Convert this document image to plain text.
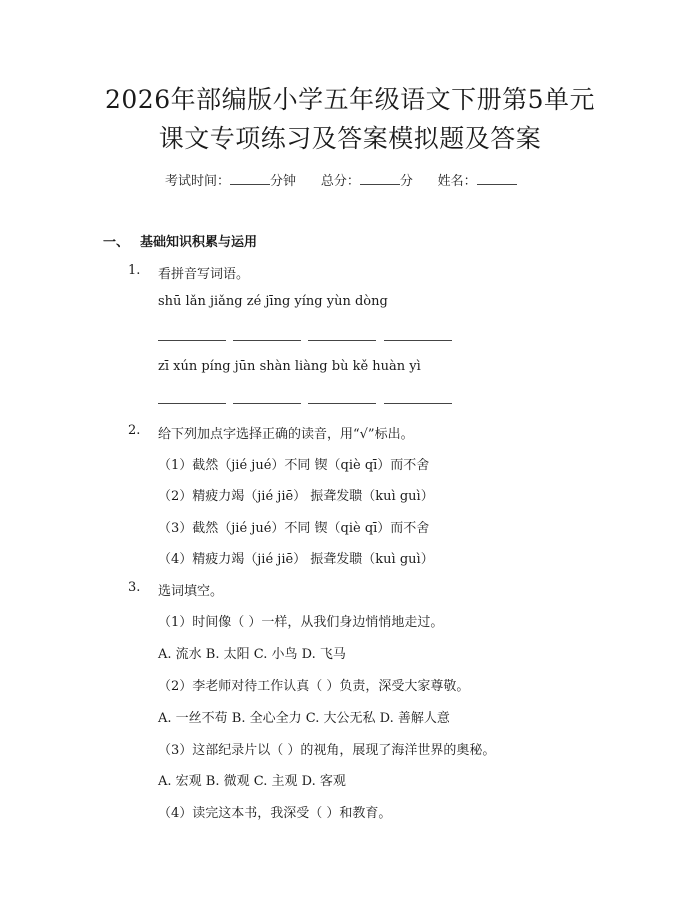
2026年部编版小学五年级语文下册第5单元
课文专项练习及答案模拟题及答案
考试时间：	分钟 总分：	分 姓名：
一、 基础知识积累与运用
1. 看拼音写词语。
shū lǎn jiǎng zé jīng yíng yùn dòng
zī xún píng jūn shàn liàng bù kě huàn yì
2. 给下列加点字选择正确的读音，用“√”标出。
（1）截然（jié jué）不同 锲（qiè qī）而不舍
（2）精疲力竭（jié jiē） 振聋发聩（kuì guì）
（3）截然（jié jué）不同 锲（qiè qī）而不舍
（4）精疲力竭（jié jiē） 振聋发聩（kuì guì）
3. 选词填空。
（1）时间像（ ）一样，从我们身边悄悄地走过。
A. 流水 B. 太阳 C. 小鸟 D. 飞马
（2）李老师对待工作认真（ ）负责，深受大家尊敬。
A. 一丝不苟 B. 全心全力 C. 大公无私 D. 善解人意
（3）这部纪录片以（ ）的视角，展现了海洋世界的奥秘。
A. 宏观 B. 微观 C. 主观 D. 客观
（4）读完这本书，我深受（ ）和教育。
